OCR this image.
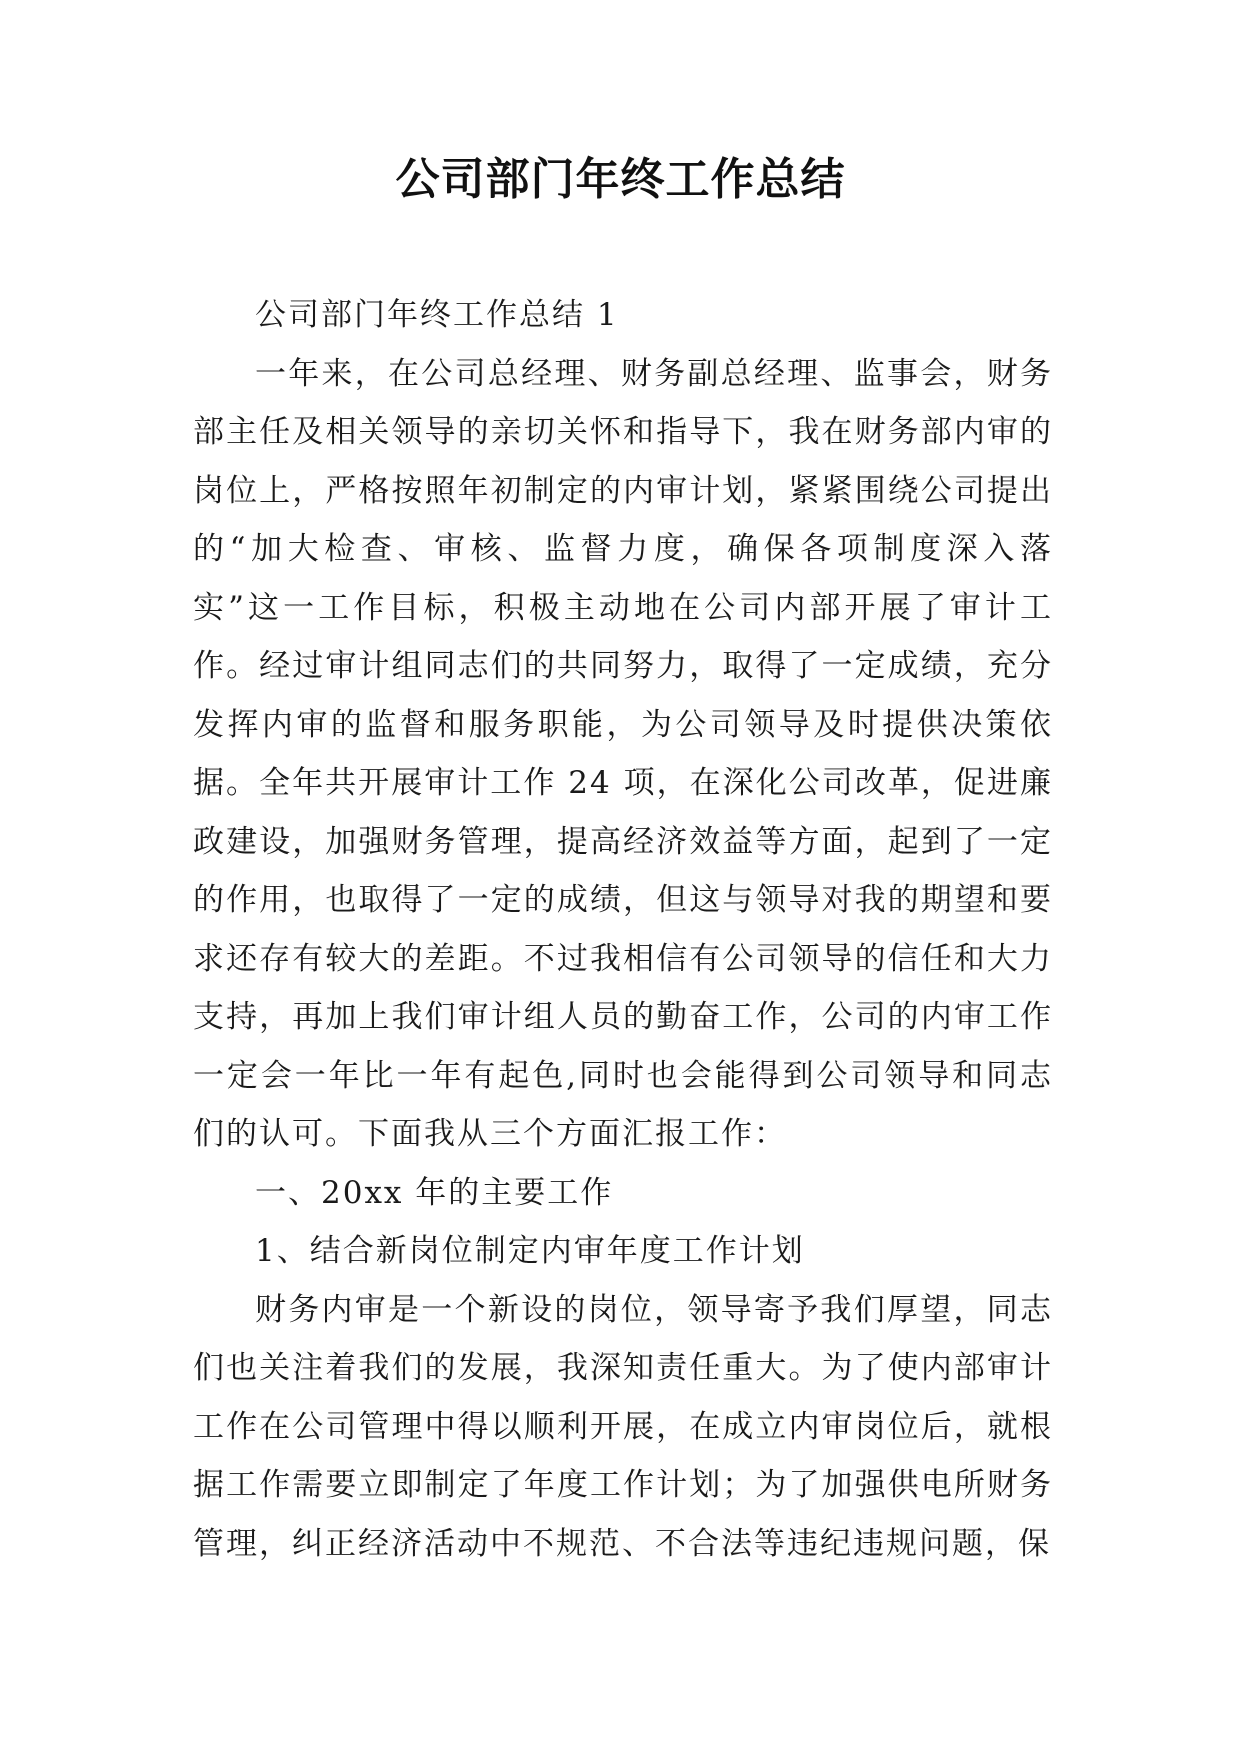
公司部门年终工作总结

公司部门年终工作总结 1

一年来，在公司总经理、财务副总经理、监事会，财务部主任及相关领导的亲切关怀和指导下，我在财务部内审的岗位上，严格按照年初制定的内审计划，紧紧围绕公司提出的“加大检查、审核、监督力度，确保各项制度深入落实”这一工作目标，积极主动地在公司内部开展了审计工作。经过审计组同志们的共同努力，取得了一定成绩，充分发挥内审的监督和服务职能，为公司领导及时提供决策依据。全年共开展审计工作 24 项，在深化公司改革，促进廉政建设，加强财务管理，提高经济效益等方面，起到了一定的作用，也取得了一定的成绩，但这与领导对我的期望和要求还存有较大的差距。不过我相信有公司领导的信任和大力支持，再加上我们审计组人员的勤奋工作，公司的内审工作一定会一年比一年有起色,同时也会能得到公司领导和同志们的认可。下面我从三个方面汇报工作：

一、20xx 年的主要工作

1、结合新岗位制定内审年度工作计划

财务内审是一个新设的岗位，领导寄予我们厚望，同志们也关注着我们的发展，我深知责任重大。为了使内部审计工作在公司管理中得以顺利开展，在成立内审岗位后，就根据工作需要立即制定了年度工作计划；为了加强供电所财务管理，纠正经济活动中不规范、不合法等违纪违规问题，保
